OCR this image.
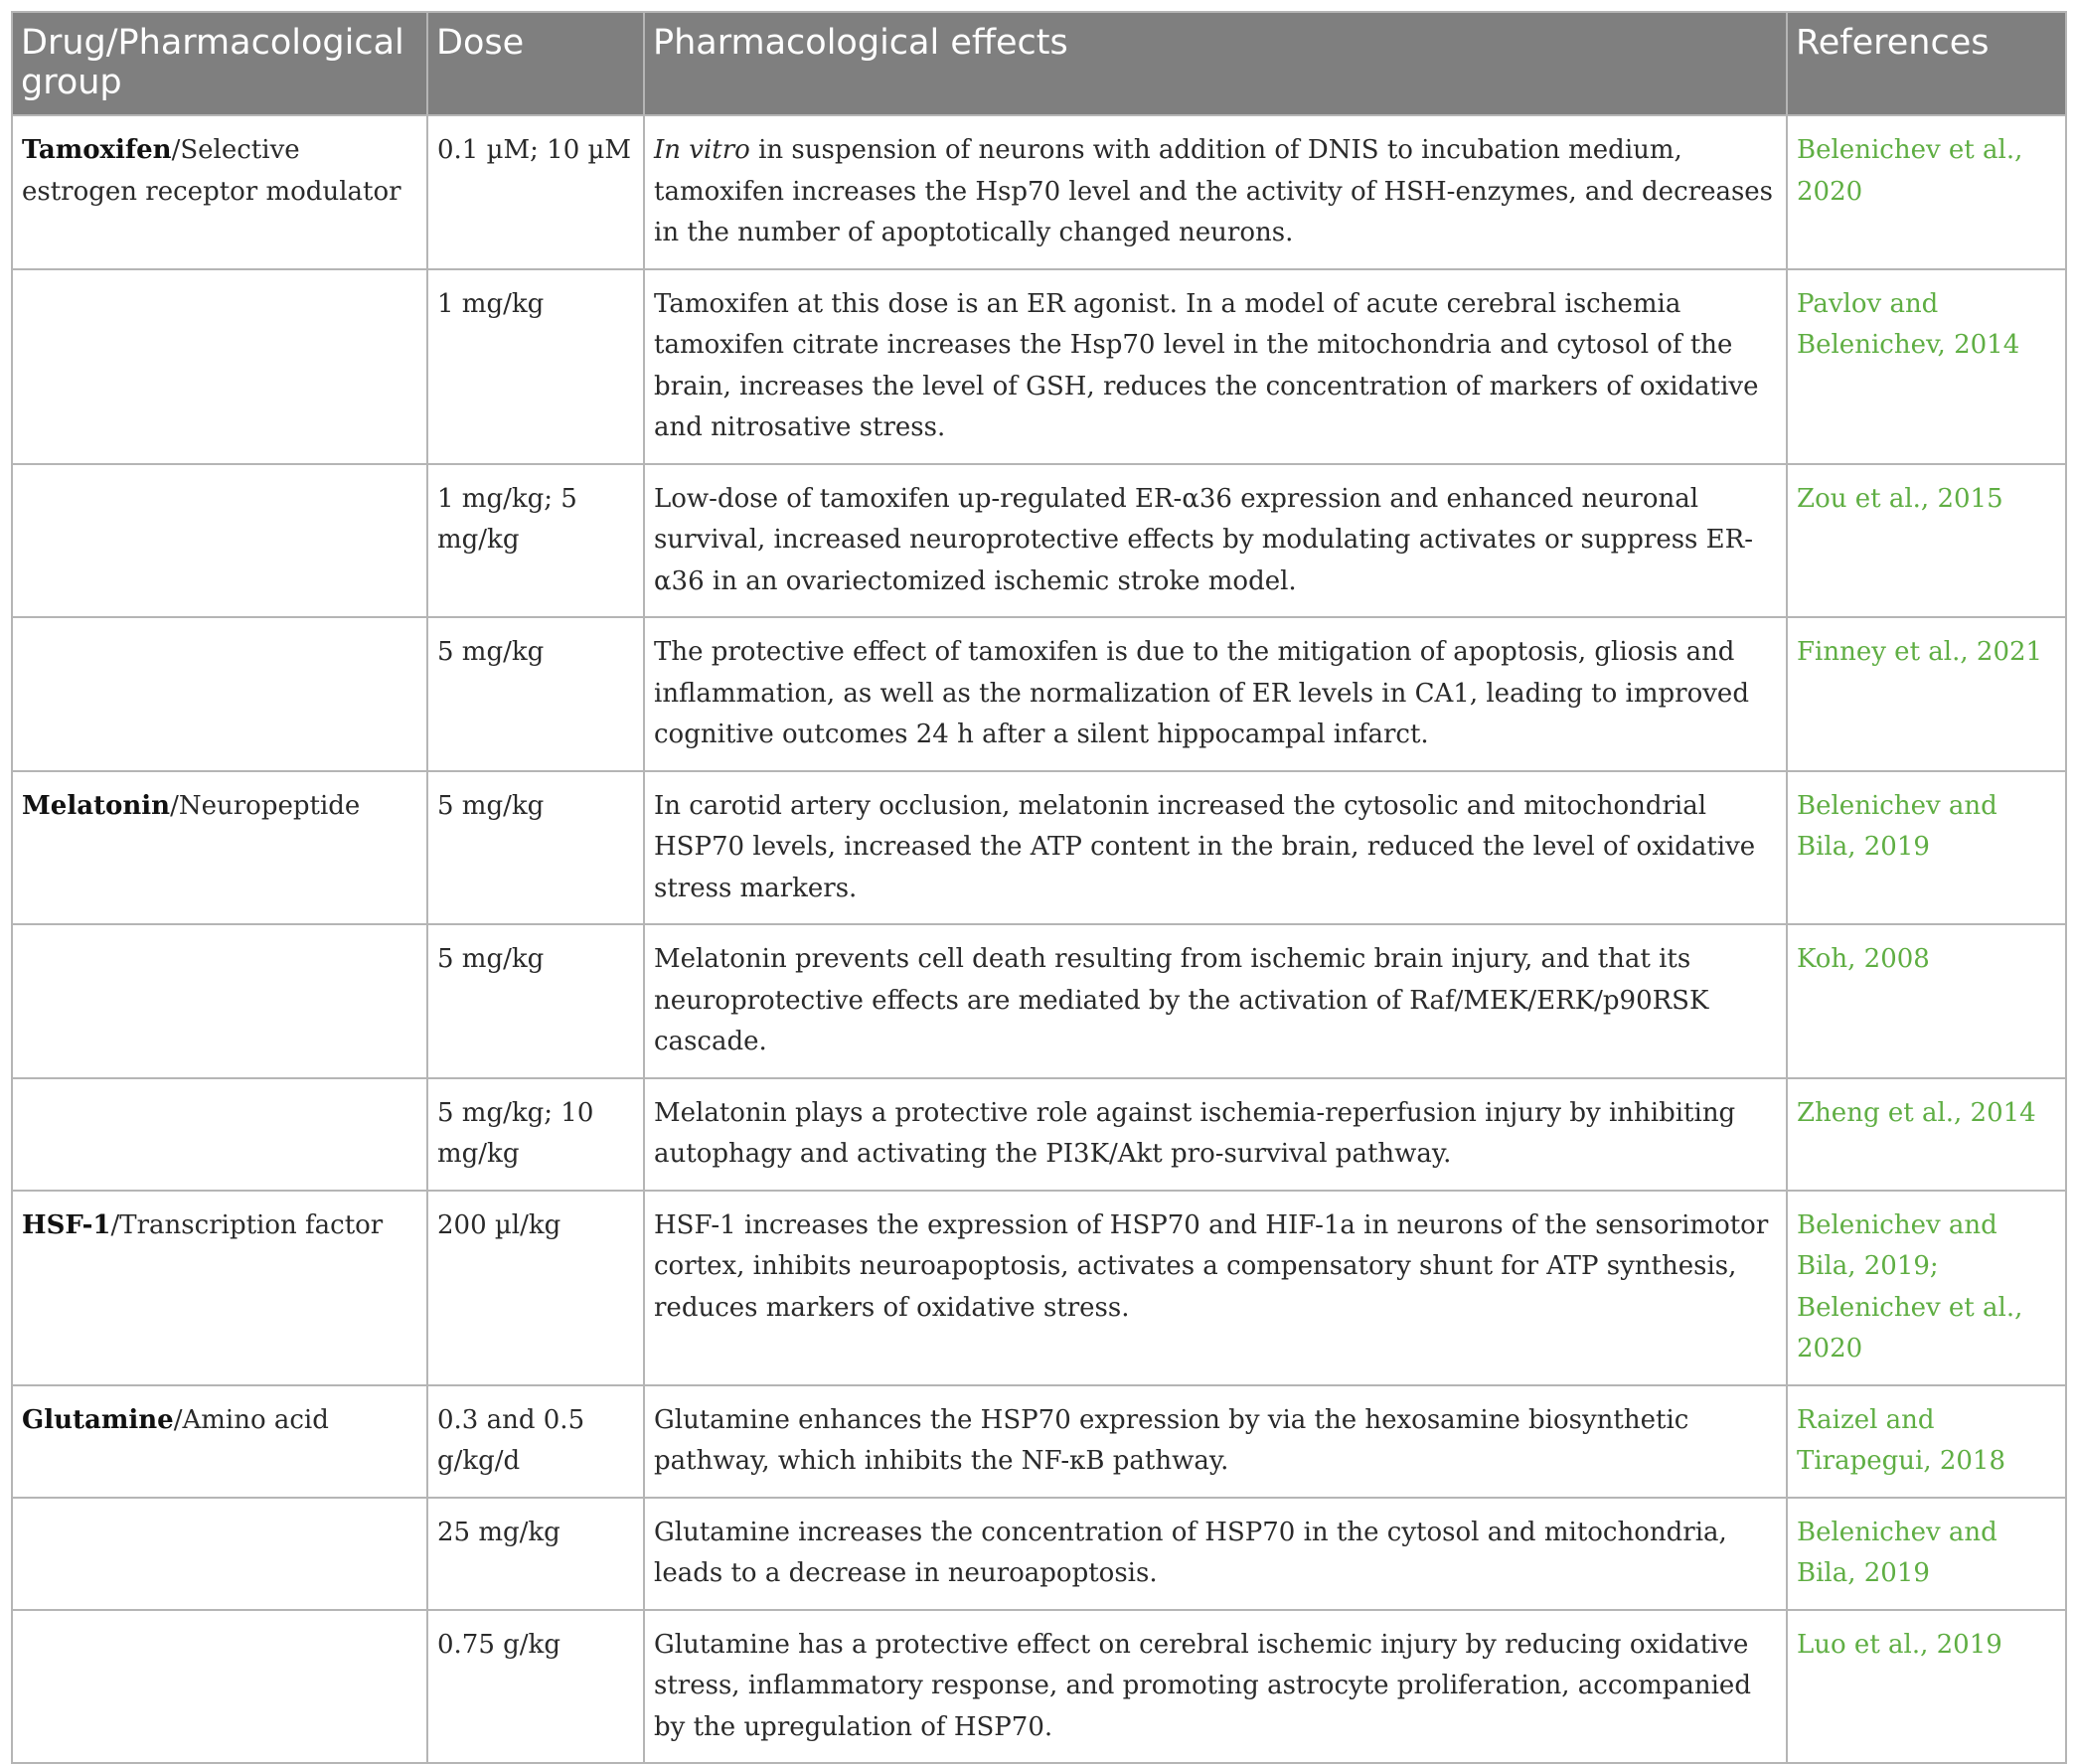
Drug/Pharmacological group	Dose	Pharmacological effects	References
Tamoxifen/Selective estrogen receptor modulator	0.1 µM; 10 µM	In vitro in suspension of neurons with addition of DNIS to incubation medium, tamoxifen increases the Hsp70 level and the activity of HSH-enzymes, and decreases in the number of apoptotically changed neurons.	Belenichev et al., 2020
	1 mg/kg	Tamoxifen at this dose is an ER agonist. In a model of acute cerebral ischemia tamoxifen citrate increases the Hsp70 level in the mitochondria and cytosol of the brain, increases the level of GSH, reduces the concentration of markers of oxidative and nitrosative stress.	Pavlov and Belenichev, 2014
	1 mg/kg; 5 mg/kg	Low-dose of tamoxifen up-regulated ER-α36 expression and enhanced neuronal survival, increased neuroprotective effects by modulating activates or suppress ER-α36 in an ovariectomized ischemic stroke model.	Zou et al., 2015
	5 mg/kg	The protective effect of tamoxifen is due to the mitigation of apoptosis, gliosis and inflammation, as well as the normalization of ER levels in CA1, leading to improved cognitive outcomes 24 h after a silent hippocampal infarct.	Finney et al., 2021
Melatonin/Neuropeptide	5 mg/kg	In carotid artery occlusion, melatonin increased the cytosolic and mitochondrial HSP70 levels, increased the ATP content in the brain, reduced the level of oxidative stress markers.	Belenichev and Bila, 2019
	5 mg/kg	Melatonin prevents cell death resulting from ischemic brain injury, and that its neuroprotective effects are mediated by the activation of Raf/MEK/ERK/p90RSK cascade.	Koh, 2008
	5 mg/kg; 10 mg/kg	Melatonin plays a protective role against ischemia-reperfusion injury by inhibiting autophagy and activating the PI3K/Akt pro-survival pathway.	Zheng et al., 2014
HSF-1/Transcription factor	200 µl/kg	HSF-1 increases the expression of HSP70 and HIF-1a in neurons of the sensorimotor cortex, inhibits neuroapoptosis, activates a compensatory shunt for ATP synthesis, reduces markers of oxidative stress.	Belenichev and Bila, 2019; Belenichev et al., 2020
Glutamine/Amino acid	0.3 and 0.5 g/kg/d	Glutamine enhances the HSP70 expression by via the hexosamine biosynthetic pathway, which inhibits the NF-κB pathway.	Raizel and Tirapegui, 2018
	25 mg/kg	Glutamine increases the concentration of HSP70 in the cytosol and mitochondria, leads to a decrease in neuroapoptosis.	Belenichev and Bila, 2019
	0.75 g/kg	Glutamine has a protective effect on cerebral ischemic injury by reducing oxidative stress, inflammatory response, and promoting astrocyte proliferation, accompanied by the upregulation of HSP70.	Luo et al., 2019
